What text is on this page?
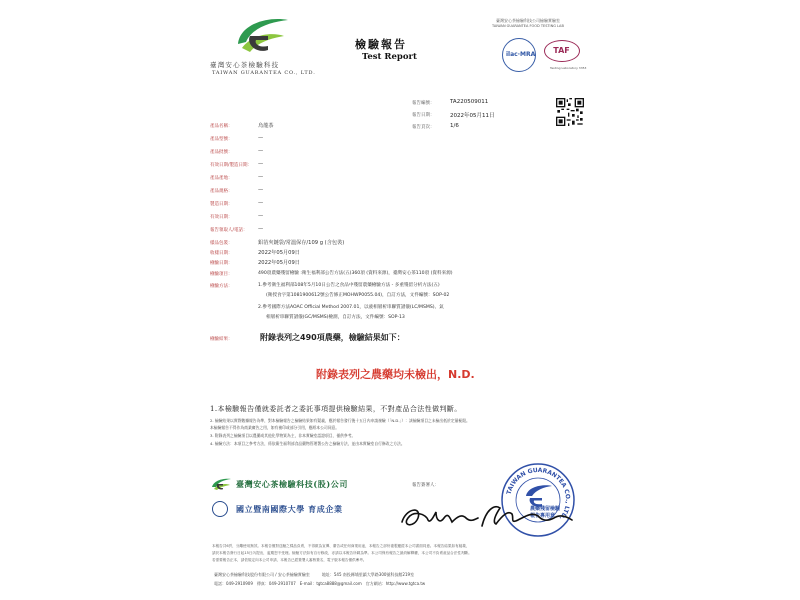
臺灣安心茶檢驗科技
TAIWAN GUARANTEA CO., LTD.
檢驗報告
Test Report
臺灣安心茶檢驗科技公司檢驗實驗室
TAIWAN GUARANTEA FOOD TESTING LAB
ilac·MRA	TAF
Testing Laboratory 3353
報告編號：	TA220509011
報告日期：	2022年05月11日
報告頁次：	1/6
產品名稱：	烏龍茶
產品型號：	—
產品批號：	—
有效日期/製造日期： —
產品產地：	—
產品規格：	—
製造日期：	—
有效日期：	—
報告領取人/電話： —
樣品包裝：	鋁箔夾鏈袋/常溫保存/109 g (含包裝)
收樣日期：	2022年05月09日
檢驗日期：	2022年05月09日
檢驗項目：	490項農藥殘留檢驗 :衛生福利部公告方法(五)360項 (資料來源)，臺灣安心茶110項 (資料來源)
檢驗方法：	1.參考衛生福利部108年5月10日公告之食品中殘留農藥檢驗方法 - 多重殘留分析方法(五)
(衛授食字第1081900612號公告修正MOHWP0055.04)，自訂方法，文件編號：SOP-02
2.參考國際方法AOAC Official Method 2007.01，以液相層析串聯質譜儀(LC/MSMS)、氣
相層析串聯質譜儀(GC/MSMS)檢測，自訂方法，文件編號：SOP-13
檢驗結果：	附錄表列之490項農藥，檢驗結果如下：
附錄表列之農藥均未檢出，N.D.
1.本檢驗報告僅就委託者之委託事項提供檢驗結果，不對產品合法性做判斷。
2. 檢驗結果以實際數據報告為準，對本檢驗報告之檢驗結果如有疑義，應於報告發行後十五日內申請複驗（「N.D.」）：該檢驗項目之未檢出低於定量極限。
本檢驗報告不得作為商業廣告之用，如有複印或部分引用，應經本公司同意。
3. 附錄表列之檢驗項目以農藥或其他化學物質為主，非本實驗室認證項目，僅供參考。
4. 檢驗方法：本項目之參考方法，係依衛生福利部食品藥物管理署公告之檢驗方法，並由本實驗室自行修改之方法。
臺灣安心茶檢驗科技(股)公司
國立暨南國際大學 育成企業
報告簽署人：
TAIWAN GUARANTEA CO., LTD.
農藥殘留檢驗
報告專用章
本報告共6頁，分離使用無效。本報告僅對送驗之樣品負責，不得做為宣傳、廣告或任何商業用途，本報告之部份複製應經本公司書面同意。本報告結果如有疑義，
請於本報告發行日起15日內提出，逾期恕不受理。檢驗方法如有自行修改，亦請以本報告所載為準。本公司保有報告之最終解釋權，本公司不負責產品合法性判斷。
若需要報告正本，請依規定向本公司申請，本報告已經簽署人審核簽名，電子版本報告僅供參考。
臺灣安心茶檢驗科技股份有限公司 / 安心茶檢驗實驗室　　　地址：545 南投縣埔里鎮大學路300號科技館219室
電話：049-2910909　傳真：049-2910707　E-mail：tgtca8888@gmail.com　官方網站：http://www.tgtca.tw
